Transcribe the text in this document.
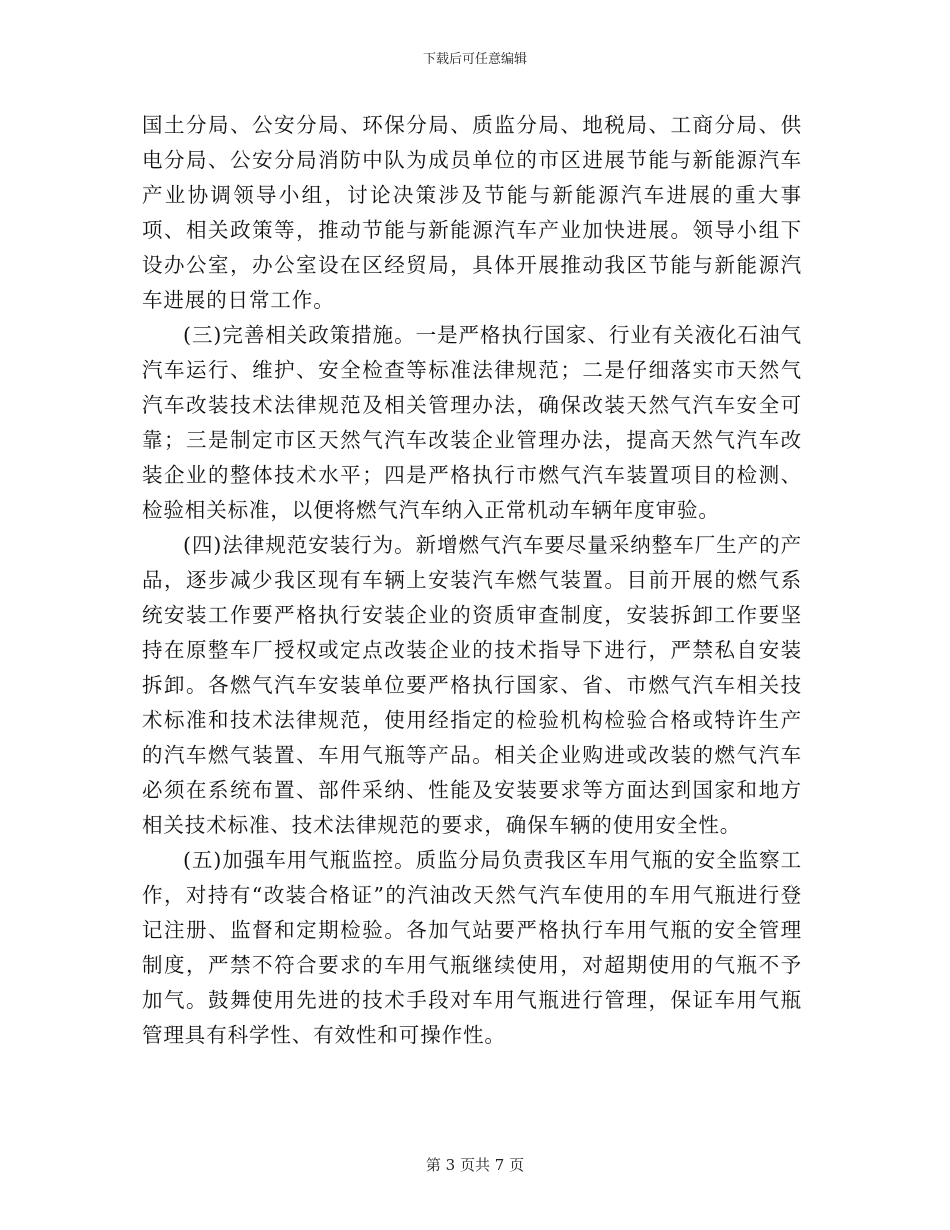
下载后可任意编辑

国土分局、公安分局、环保分局、质监分局、地税局、工商分局、供电分局、公安分局消防中队为成员单位的市区进展节能与新能源汽车产业协调领导小组，讨论决策涉及节能与新能源汽车进展的重大事项、相关政策等，推动节能与新能源汽车产业加快进展。领导小组下设办公室，办公室设在区经贸局，具体开展推动我区节能与新能源汽车进展的日常工作。

(三)完善相关政策措施。一是严格执行国家、行业有关液化石油气汽车运行、维护、安全检查等标准法律规范；二是仔细落实市天然气汽车改装技术法律规范及相关管理办法，确保改装天然气汽车安全可靠；三是制定市区天然气汽车改装企业管理办法，提高天然气汽车改装企业的整体技术水平；四是严格执行市燃气汽车装置项目的检测、检验相关标准，以便将燃气汽车纳入正常机动车辆年度审验。

(四)法律规范安装行为。新增燃气汽车要尽量采纳整车厂生产的产品，逐步减少我区现有车辆上安装汽车燃气装置。目前开展的燃气系统安装工作要严格执行安装企业的资质审查制度，安装拆卸工作要坚持在原整车厂授权或定点改装企业的技术指导下进行，严禁私自安装拆卸。各燃气汽车安装单位要严格执行国家、省、市燃气汽车相关技术标准和技术法律规范，使用经指定的检验机构检验合格或特许生产的汽车燃气装置、车用气瓶等产品。相关企业购进或改装的燃气汽车必须在系统布置、部件采纳、性能及安装要求等方面达到国家和地方相关技术标准、技术法律规范的要求，确保车辆的使用安全性。

(五)加强车用气瓶监控。质监分局负责我区车用气瓶的安全监察工作，对持有“改装合格证”的汽油改天然气汽车使用的车用气瓶进行登记注册、监督和定期检验。各加气站要严格执行车用气瓶的安全管理制度，严禁不符合要求的车用气瓶继续使用，对超期使用的气瓶不予加气。鼓舞使用先进的技术手段对车用气瓶进行管理，保证车用气瓶管理具有科学性、有效性和可操作性。

第 3 页共 7 页
